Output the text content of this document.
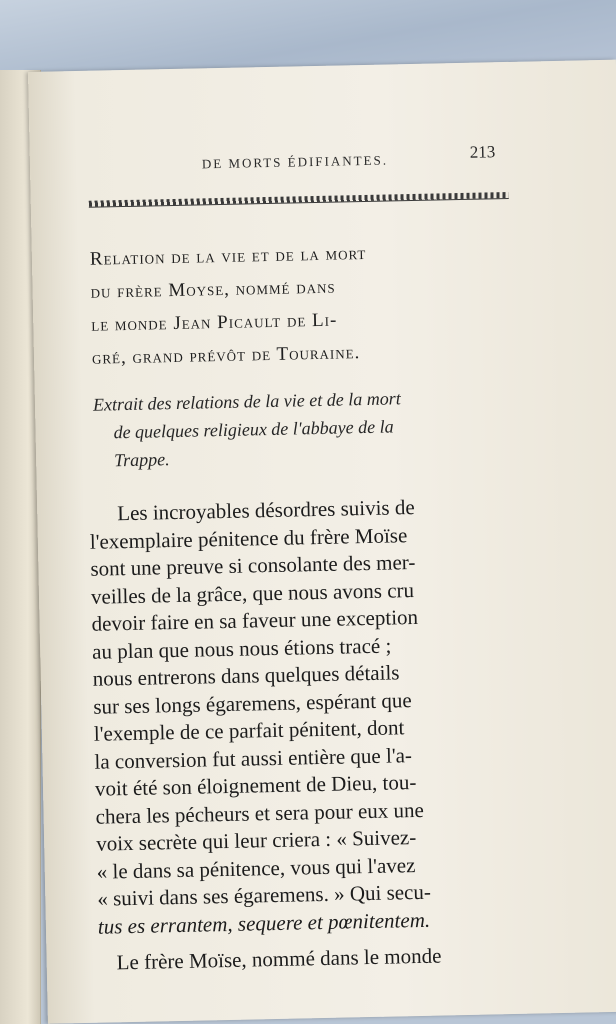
DE MORTS ÉDIFIANTES.
213
Relation de la vie et de la mort
du frère Moyse, nommé dans
le monde Jean Picault de Li-
gré, grand prévôt de Touraine.
Extrait des relations de la vie et de la mort
de quelques religieux de l'abbaye de la
Trappe.
Les incroyables désordres suivis de
l'exemplaire pénitence du frère Moïse
sont une preuve si consolante des mer-
veilles de la grâce, que nous avons cru
devoir faire en sa faveur une exception
au plan que nous nous étions tracé ;
nous entrerons dans quelques détails
sur ses longs égaremens, espérant que
l'exemple de ce parfait pénitent, dont
la conversion fut aussi entière que l'a-
voit été son éloignement de Dieu, tou-
chera les pécheurs et sera pour eux une
voix secrète qui leur criera : « Suivez-
« le dans sa pénitence, vous qui l'avez
« suivi dans ses égaremens. » Qui secu-
tus es errantem, sequere et pœnitentem.
Le frère Moïse, nommé dans le monde
